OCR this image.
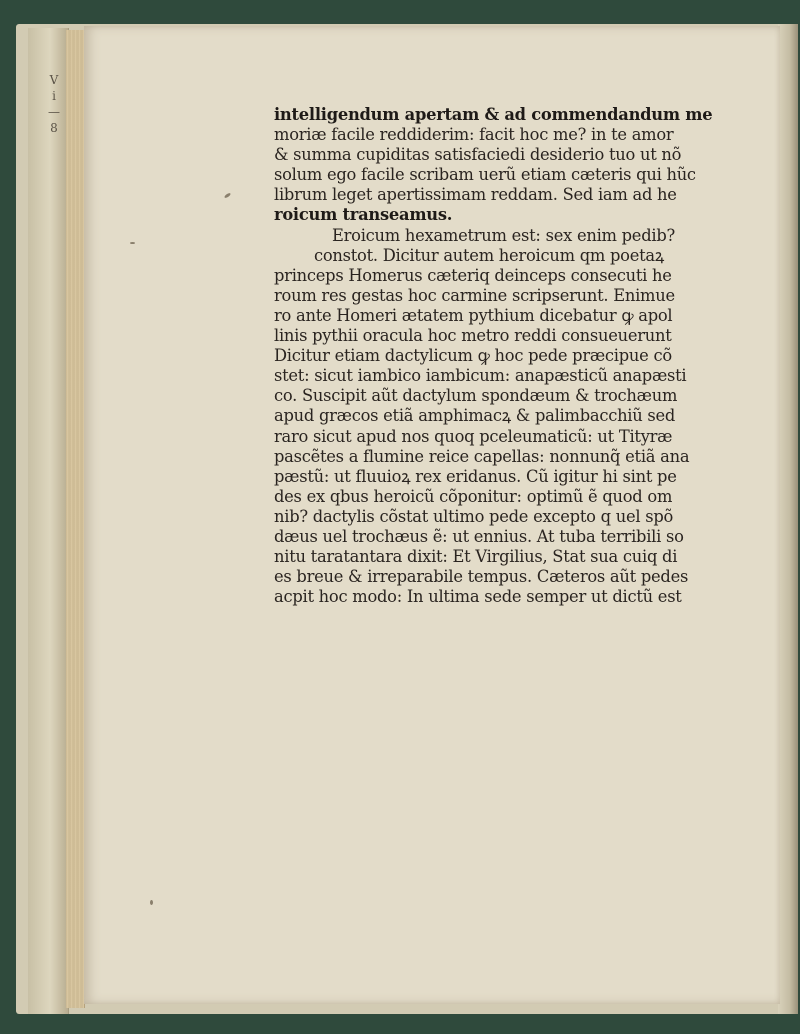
V
i
—
8
intelligendum apertam & ad commendandum me
moriæ facile reddiderim: facit hoc me? in te amor
& summa cupiditas satisfaciedi desiderio tuo ut nõ
solum ego facile scribam uerũ etiam cæteris qui hũc
librum leget apertissimam reddam. Sed iam ad he
roicum transeamus.
Eroicum hexametrum est: sex enim pedib?
constot. Dicitur autem heroicum qm poetaꝝ
princeps Homerus cæteriq deinceps consecuti he
roum res gestas hoc carmine scripserunt. Enimue
ro ante Homeri ætatem pythium dicebatur ꝙ apol
linis pythii oracula hoc metro reddi consueuerunt
Dicitur etiam dactylicum ꝙ hoc pede præcipue cõ
stet: sicut iambico iambicum: anapæsticũ anapæsti
co. Suscipit aũt dactylum spondæum & trochæum
apud græcos etiã amphimacꝝ & palimbacchiũ sed
raro sicut apud nos quoq pceleumaticũ: ut Tityræ
pascẽtes a flumine reice capellas: nonnunq̃ etiã ana
pæstũ: ut fluuioꝝ rex eridanus. Cũ igitur hi sint pe
des ex qbus heroicũ cõponitur: optimũ ẽ quod om
nib? dactylis cõstat ultimo pede excepto q uel spõ
dæus uel trochæus ẽ: ut ennius. At tuba terribili so
nitu taratantara dixit: Et Virgilius, Stat sua cuiq di
es breue & irreparabile tempus. Cæteros aũt pedes
acpit hoc modo: In ultima sede semper ut dictũ est
